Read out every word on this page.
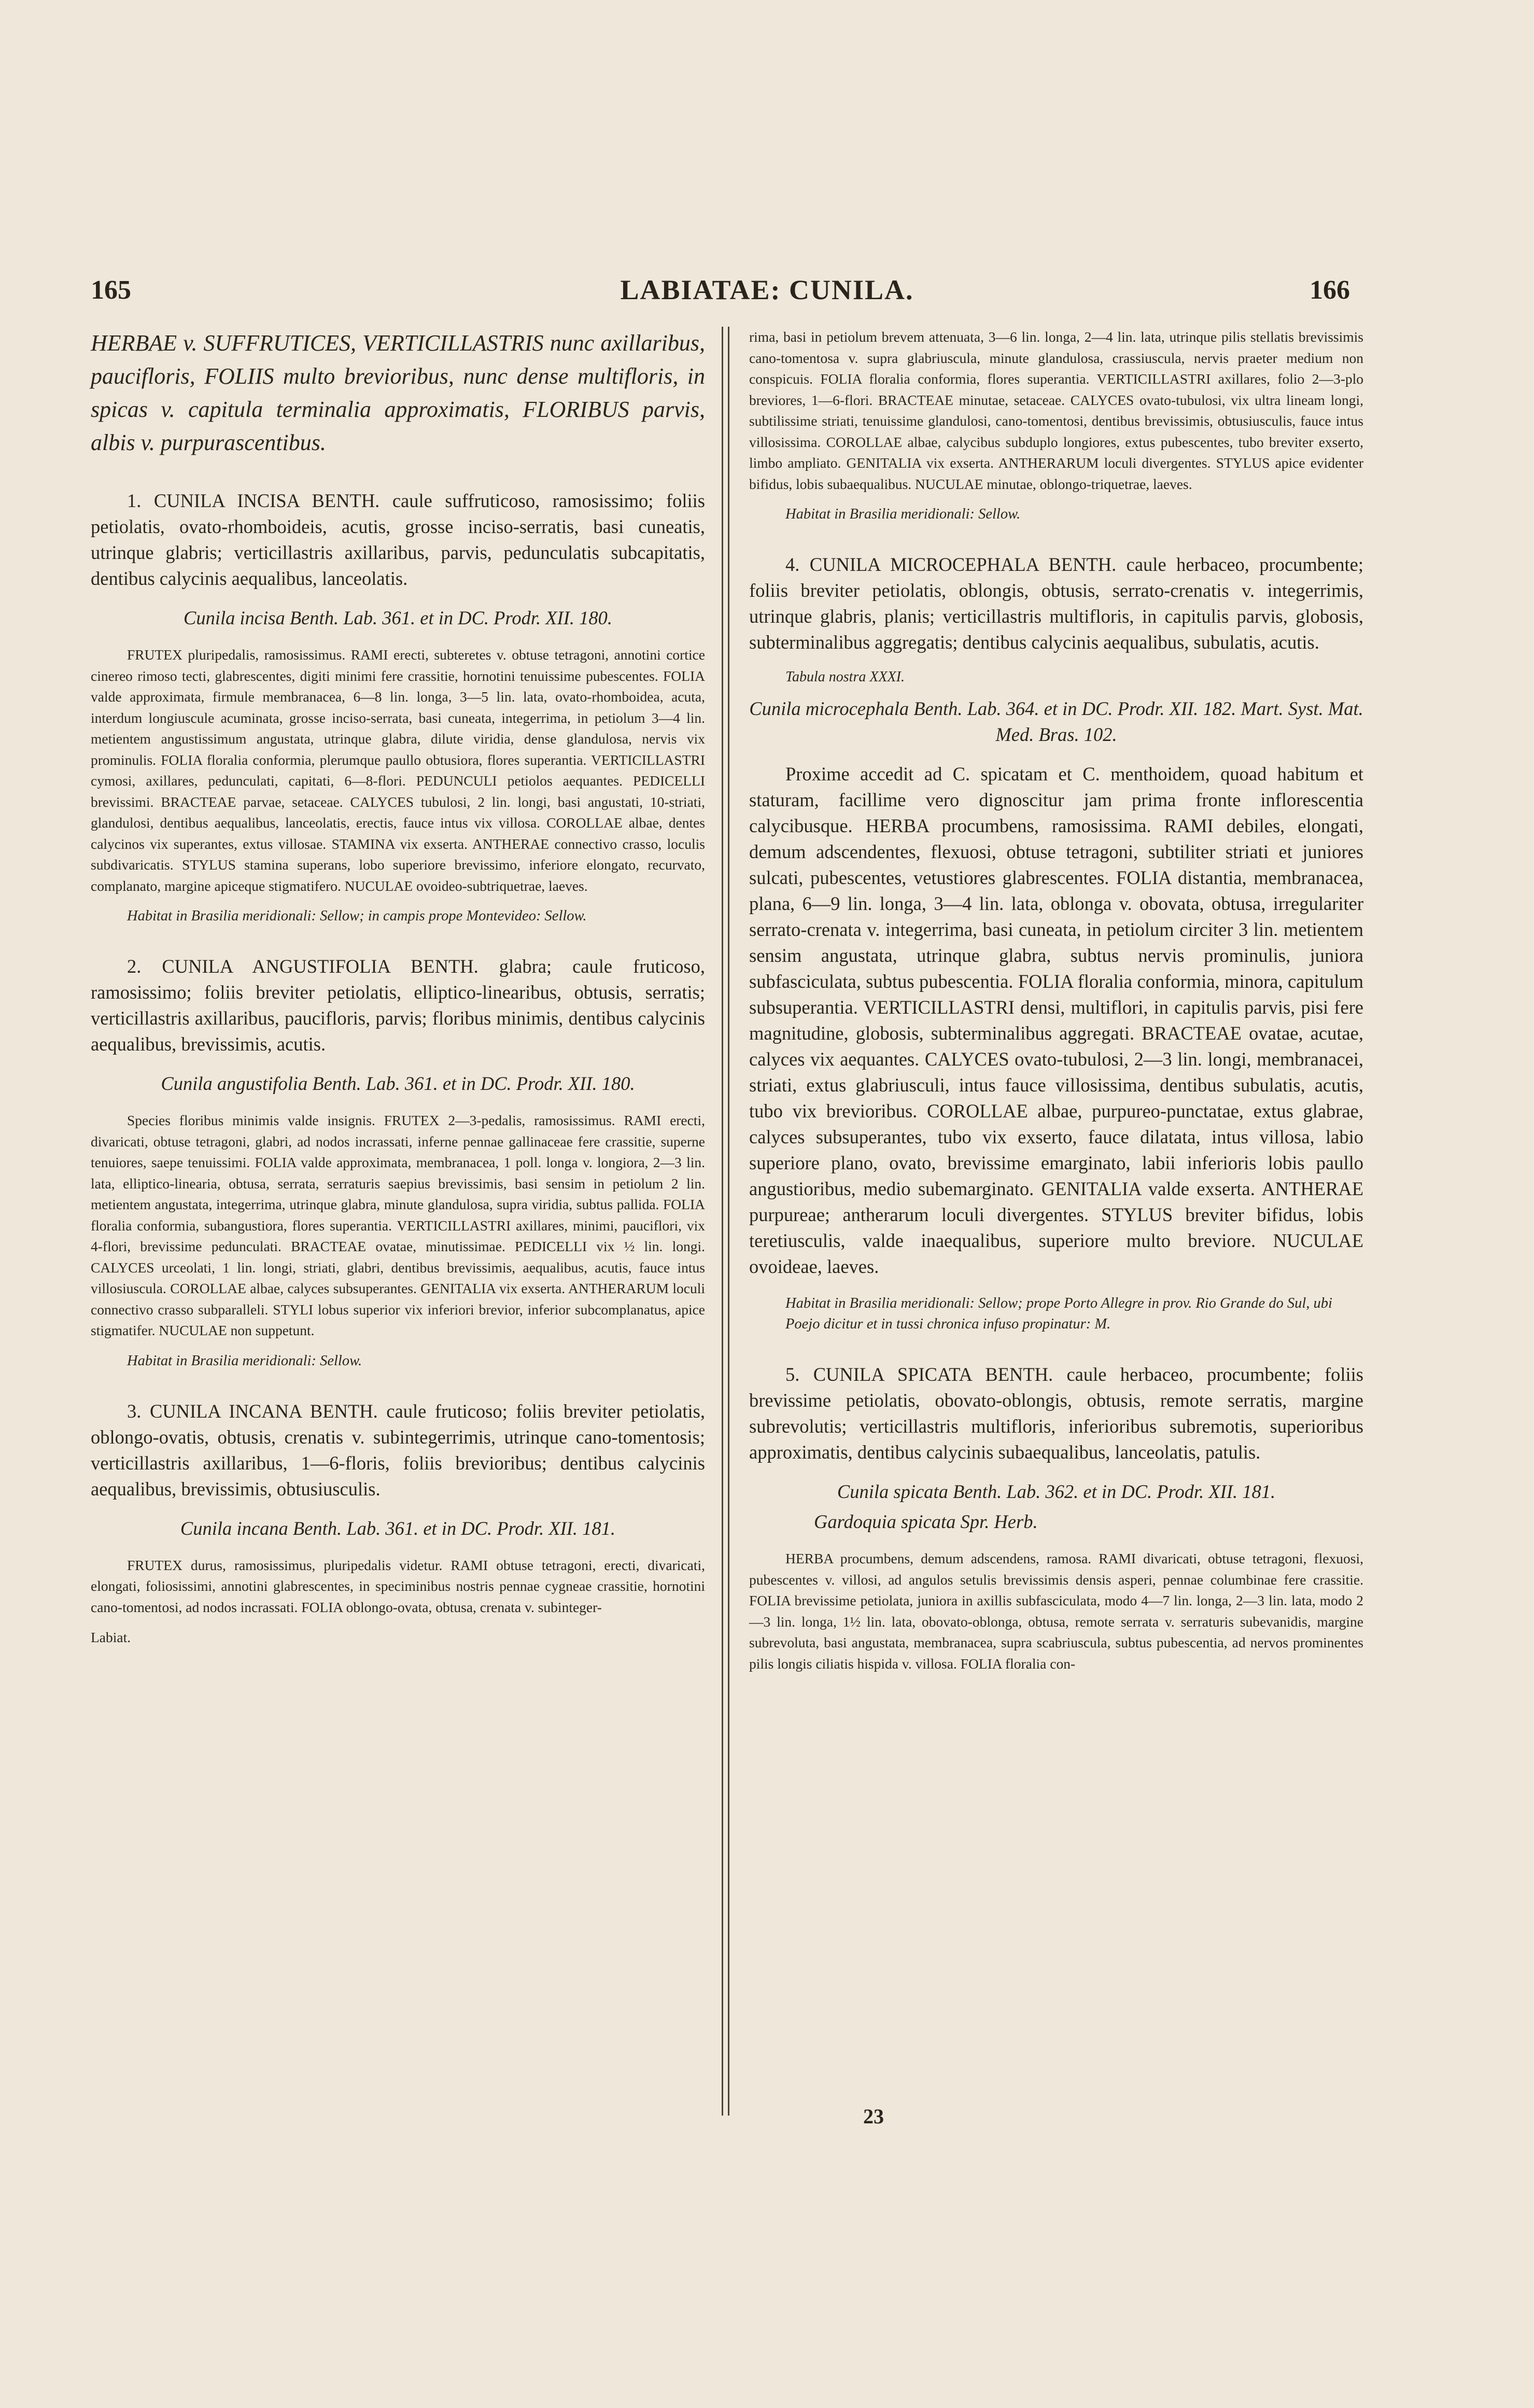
165	LABIATAE: CUNILA.	166

HERBAE v. SUFFRUTICES, VERTICILLASTRIS nunc axillaribus, paucifloris, FOLIIS multo brevioribus, nunc dense multifloris, in spicas v. capitula terminalia approximatis, FLORIBUS parvis, albis v. purpurascentibus.

1. CUNILA INCISA BENTH. caule suffruticoso, ramosissimo; foliis petiolatis, ovato-rhomboideis, acutis, grosse inciso-serratis, basi cuneatis, utrinque glabris; verticillastris axillaribus, parvis, pedunculatis subcapitatis, dentibus calycinis aequalibus, lanceolatis.

Cunila incisa Benth. Lab. 361. et in DC. Prodr. XII. 180.

FRUTEX pluripedalis, ramosissimus. RAMI erecti, subteretes v. obtuse tetragoni, annotini cortice cinereo rimoso tecti, glabrescentes, digiti minimi fere crassitie, hornotini tenuissime pubescentes. FOLIA valde approximata, firmule membranacea, 6—8 lin. longa, 3—5 lin. lata, ovato-rhomboidea, acuta, interdum longiuscule acuminata, grosse inciso-serrata, basi cuneata, integerrima, in petiolum 3—4 lin. metientem angustissimum angustata, utrinque glabra, dilute viridia, dense glandulosa, nervis vix prominulis. FOLIA floralia conformia, plerumque paullo obtusiora, flores superantia. VERTICILLASTRI cymosi, axillares, pedunculati, capitati, 6—8-flori. PEDUNCULI petiolos aequantes. PEDICELLI brevissimi. BRACTEAE parvae, setaceae. CALYCES tubulosi, 2 lin. longi, basi angustati, 10-striati, glandulosi, dentibus aequalibus, lanceolatis, erectis, fauce intus vix villosa. COROLLAE albae, dentes calycinos vix superantes, extus villosae. STAMINA vix exserta. ANTHERAE connectivo crasso, loculis subdivaricatis. STYLUS stamina superans, lobo superiore brevissimo, inferiore elongato, recurvato, complanato, margine apiceque stigmatifero. NUCULAE ovoideo-subtriquetrae, laeves.

Habitat in Brasilia meridionali: Sellow; in campis prope Montevideo: Sellow.

2. CUNILA ANGUSTIFOLIA BENTH. glabra; caule fruticoso, ramosissimo; foliis breviter petiolatis, elliptico-linearibus, obtusis, serratis; verticillastris axillaribus, paucifloris, parvis; floribus minimis, dentibus calycinis aequalibus, brevissimis, acutis.

Cunila angustifolia Benth. Lab. 361. et in DC. Prodr. XII. 180.

Species floribus minimis valde insignis. FRUTEX 2—3-pedalis, ramosissimus. RAMI erecti, divaricati, obtuse tetragoni, glabri, ad nodos incrassati, inferne pennae gallinaceae fere crassitie, superne tenuiores, saepe tenuissimi. FOLIA valde approximata, membranacea, 1 poll. longa v. longiora, 2—3 lin. lata, elliptico-linearia, obtusa, serrata, serraturis saepius brevissimis, basi sensim in petiolum 2 lin. metientem angustata, integerrima, utrinque glabra, minute glandulosa, supra viridia, subtus pallida. FOLIA floralia conformia, subangustiora, flores superantia. VERTICILLASTRI axillares, minimi, pauciflori, vix 4-flori, brevissime pedunculati. BRACTEAE ovatae, minutissimae. PEDICELLI vix ½ lin. longi. CALYCES urceolati, 1 lin. longi, striati, glabri, dentibus brevissimis, aequalibus, acutis, fauce intus villosiuscula. COROLLAE albae, calyces subsuperantes. GENITALIA vix exserta. ANTHERARUM loculi connectivo crasso subparalleli. STYLI lobus superior vix inferiori brevior, inferior subcomplanatus, apice stigmatifer. NUCULAE non suppetunt.

Habitat in Brasilia meridionali: Sellow.

3. CUNILA INCANA BENTH. caule fruticoso; foliis breviter petiolatis, oblongo-ovatis, obtusis, crenatis v. subintegerrimis, utrinque cano-tomentosis; verticillastris axillaribus, 1—6-floris, foliis brevioribus; dentibus calycinis aequalibus, brevissimis, obtusiusculis.

Cunila incana Benth. Lab. 361. et in DC. Prodr. XII. 181.

FRUTEX durus, ramosissimus, pluripedalis videtur. RAMI obtuse tetragoni, erecti, divaricati, elongati, foliosissimi, annotini glabrescentes, in speciminibus nostris pennae cygneae crassitie, hornotini cano-tomentosi, ad nodos incrassati. FOLIA oblongo-ovata, obtusa, crenata v. subinteger-

Labiat.

rima, basi in petiolum brevem attenuata, 3—6 lin. longa, 2—4 lin. lata, utrinque pilis stellatis brevissimis cano-tomentosa v. supra glabriuscula, minute glandulosa, crassiuscula, nervis praeter medium non conspicuis. FOLIA floralia conformia, flores superantia. VERTICILLASTRI axillares, folio 2—3-plo breviores, 1—6-flori. BRACTEAE minutae, setaceae. CALYCES ovato-tubulosi, vix ultra lineam longi, subtilissime striati, tenuissime glandulosi, cano-tomentosi, dentibus brevissimis, obtusiusculis, fauce intus villosissima. COROLLAE albae, calycibus subduplo longiores, extus pubescentes, tubo breviter exserto, limbo ampliato. GENITALIA vix exserta. ANTHERARUM loculi divergentes. STYLUS apice evidenter bifidus, lobis subaequalibus. NUCULAE minutae, oblongo-triquetrae, laeves.

Habitat in Brasilia meridionali: Sellow.

4. CUNILA MICROCEPHALA BENTH. caule herbaceo, procumbente; foliis breviter petiolatis, oblongis, obtusis, serrato-crenatis v. integerrimis, utrinque glabris, planis; verticillastris multifloris, in capitulis parvis, globosis, subterminalibus aggregatis; dentibus calycinis aequalibus, subulatis, acutis.

Tabula nostra XXXI.

Cunila microcephala Benth. Lab. 364. et in DC. Prodr. XII. 182. Mart. Syst. Mat. Med. Bras. 102.

Proxime accedit ad C. spicatam et C. menthoidem, quoad habitum et staturam, facillime vero dignoscitur jam prima fronte inflorescentia calycibusque. HERBA procumbens, ramosissima. RAMI debiles, elongati, demum adscendentes, flexuosi, obtuse tetragoni, subtiliter striati et juniores sulcati, pubescentes, vetustiores glabrescentes. FOLIA distantia, membranacea, plana, 6—9 lin. longa, 3—4 lin. lata, oblonga v. obovata, obtusa, irregulariter serrato-crenata v. integerrima, basi cuneata, in petiolum circiter 3 lin. metientem sensim angustata, utrinque glabra, subtus nervis prominulis, juniora subfasciculata, subtus pubescentia. FOLIA floralia conformia, minora, capitulum subsuperantia. VERTICILLASTRI densi, multiflori, in capitulis parvis, pisi fere magnitudine, globosis, subterminalibus aggregati. BRACTEAE ovatae, acutae, calyces vix aequantes. CALYCES ovato-tubulosi, 2—3 lin. longi, membranacei, striati, extus glabriusculi, intus fauce villosissima, dentibus subulatis, acutis, tubo vix brevioribus. COROLLAE albae, purpureo-punctatae, extus glabrae, calyces subsuperantes, tubo vix exserto, fauce dilatata, intus villosa, labio superiore plano, ovato, brevissime emarginato, labii inferioris lobis paullo angustioribus, medio subemarginato. GENITALIA valde exserta. ANTHERAE purpureae; antherarum loculi divergentes. STYLUS breviter bifidus, lobis teretiusculis, valde inaequalibus, superiore multo breviore. NUCULAE ovoideae, laeves.

Habitat in Brasilia meridionali: Sellow; prope Porto Allegre in prov. Rio Grande do Sul, ubi Poejo dicitur et in tussi chronica infuso propinatur: M.

5. CUNILA SPICATA BENTH. caule herbaceo, procumbente; foliis brevissime petiolatis, obovato-oblongis, obtusis, remote serratis, margine subrevolutis; verticillastris multifloris, inferioribus subremotis, superioribus approximatis, dentibus calycinis subaequalibus, lanceolatis, patulis.

Cunila spicata Benth. Lab. 362. et in DC. Prodr. XII. 181.

Gardoquia spicata Spr. Herb.

HERBA procumbens, demum adscendens, ramosa. RAMI divaricati, obtuse tetragoni, flexuosi, pubescentes v. villosi, ad angulos setulis brevissimis densis asperi, pennae columbinae fere crassitie. FOLIA brevissime petiolata, juniora in axillis subfasciculata, modo 4—7 lin. longa, 2—3 lin. lata, modo 2—3 lin. longa, 1½ lin. lata, obovato-oblonga, obtusa, remote serrata v. serraturis subevanidis, margine subrevoluta, basi angustata, membranacea, supra scabriuscula, subtus pubescentia, ad nervos prominentes pilis longis ciliatis hispida v. villosa. FOLIA floralia con-

23
